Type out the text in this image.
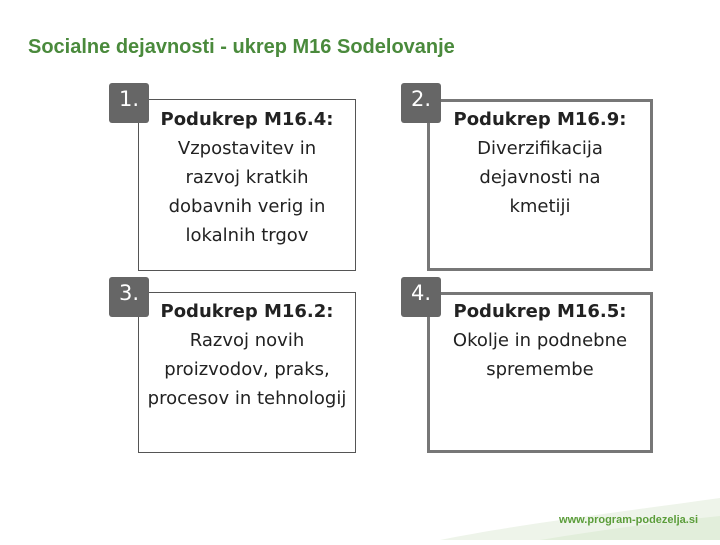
Socialne dejavnosti - ukrep M16 Sodelovanje
Podukrep M16.4:
Vzpostavitev in razvoj kratkih dobavnih verig in lokalnih trgov
1.
Podukrep M16.9:
Diverzifikacija dejavnosti na kmetiji
2.
Podukrep M16.2:
Razvoj novih proizvodov, praks, procesov in tehnologij
3.
Podukrep M16.5:
Okolje in podnebne spremembe
4.
www.program-podezelja.si
